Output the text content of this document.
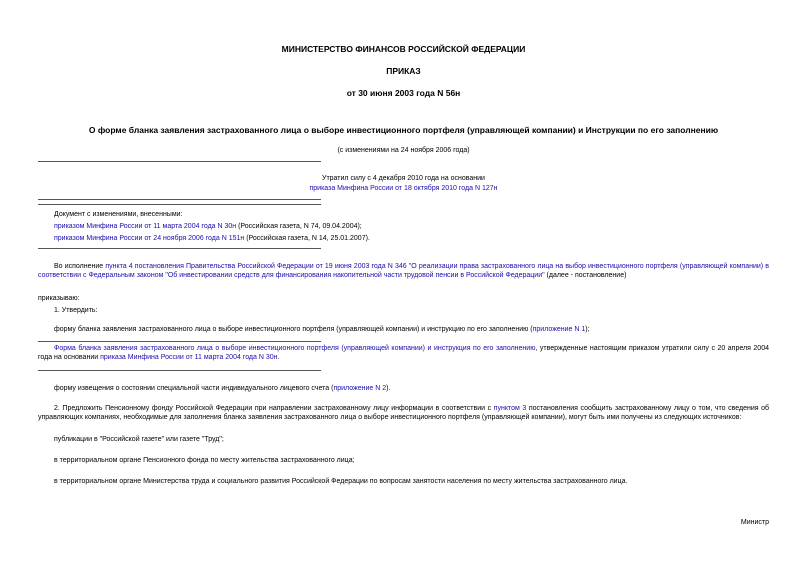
МИНИСТЕРСТВО ФИНАНСОВ РОССИЙСКОЙ ФЕДЕРАЦИИ
ПРИКАЗ
от 30 июня 2003 года N 56н
О форме бланка заявления застрахованного лица о выборе инвестиционного портфеля (управляющей компании) и Инструкции по его заполнению
(с изменениями на 24 ноября 2006 года)
Утратил силу с 4 декабря 2010 года на основании
приказа Минфина России от 18 октября 2010 года N 127н
Документ с изменениями, внесенными:
приказом Минфина России от 11 марта 2004 года N 30н (Российская газета, N 74, 09.04.2004);
приказом Минфина России от 24 ноября 2006 года N 151н (Российская газета, N 14, 25.01.2007).
Во исполнение пункта 4 постановления Правительства Российской Федерации от 19 июня 2003 года N 346 "О реализации права застрахованного лица на выбор инвестиционного портфеля (управляющей компании) в соответствии с Федеральным законом "Об инвестировании средств для финансирования накопительной части трудовой пенсии в Российской Федерации" (далее - постановление)
приказываю:
1. Утвердить:
форму бланка заявления застрахованного лица о выборе инвестиционного портфеля (управляющей компании) и инструкцию по его заполнению (приложение N 1);
Форма бланка заявления застрахованного лица о выборе инвестиционного портфеля (управляющей компании) и инструкция по его заполнению, утвержденные настоящим приказом утратили силу с 20 апреля 2004 года на основании приказа Минфина России от 11 марта 2004 года N 30н.
форму извещения о состоянии специальной части индивидуального лицевого счета (приложение N 2).
2. Предложить Пенсионному фонду Российской Федерации при направлении застрахованному лицу информации в соответствии с пунктом 3 постановления сообщить застрахованному лицу о том, что сведения об управляющих компаниях, необходимые для заполнения бланка заявления застрахованного лица о выборе инвестиционного портфеля (управляющей компании), могут быть ими получены из следующих источников:
публикации в "Российской газете" или газете "Труд";
в территориальном органе Пенсионного фонда по месту жительства застрахованного лица;
в территориальном органе Министерства труда и социального развития Российской Федерации по вопросам занятости населения по месту жительства застрахованного лица.
Министр
